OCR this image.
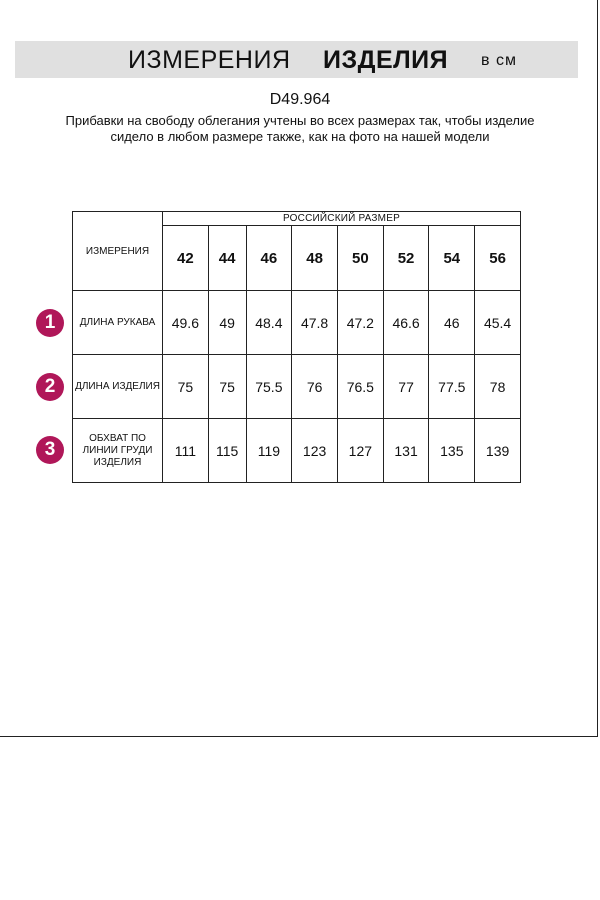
ИЗМЕРЕНИЯ ИЗДЕЛИЯ в см
D49.964
Прибавки на свободу облегания учтены во всех размерах так, чтобы изделие сидело в любом размере также, как на фото на нашей модели
1
2
3
ИЗМЕРЕНИЯ	РОССИЙСКИЙ РАЗМЕР							
	42	44	46	48	50	52	54	56
ДЛИНА РУКАВА	49.6	49	48.4	47.8	47.2	46.6	46	45.4
ДЛИНА ИЗДЕЛИЯ	75	75	75.5	76	76.5	77	77.5	78
ОБХВАТ ПО ЛИНИИ ГРУДИ ИЗДЕЛИЯ	111	115	119	123	127	131	135	139
